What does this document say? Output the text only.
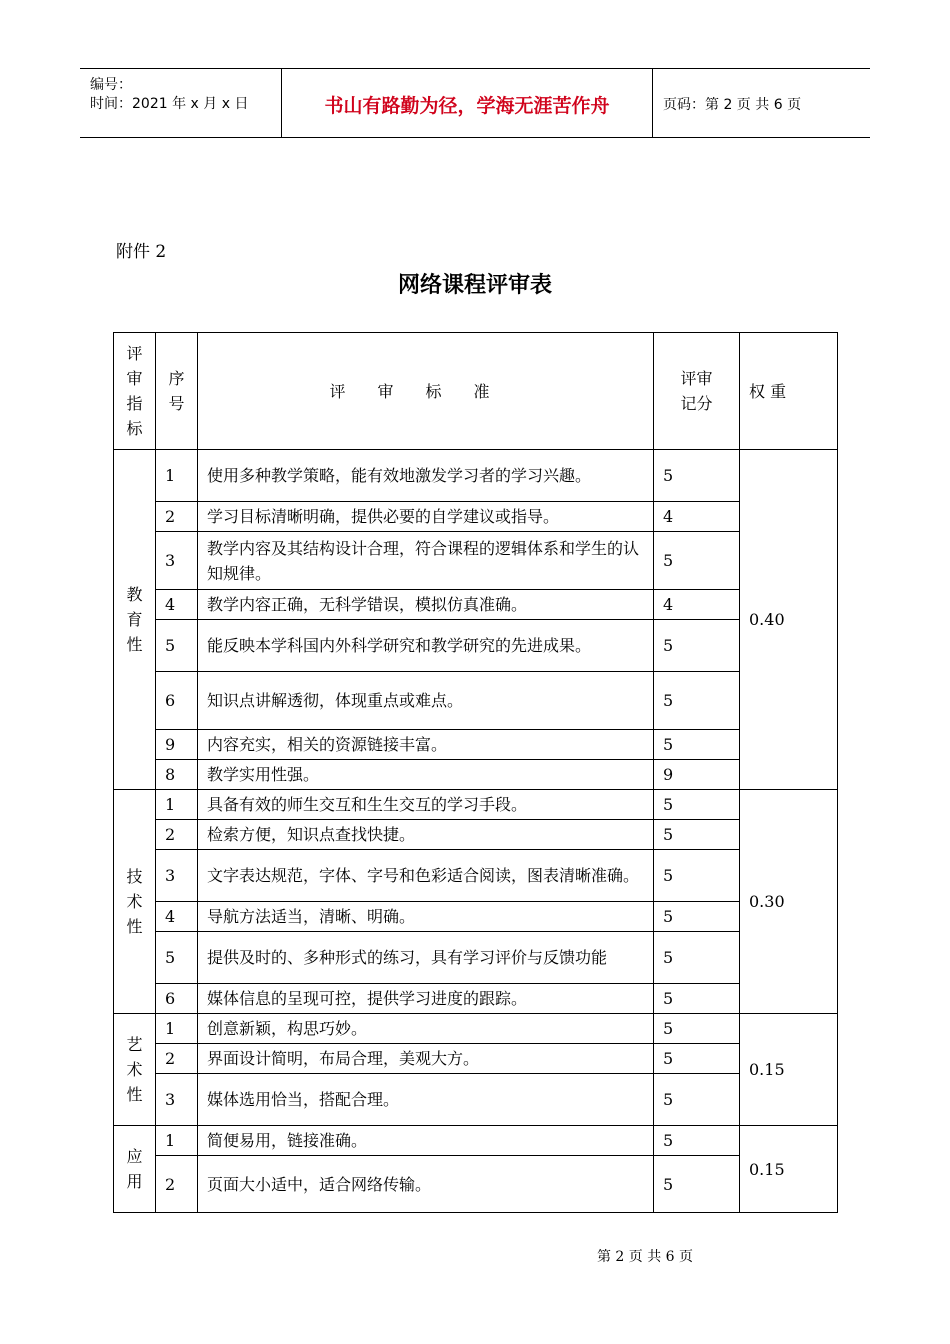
编号：
时间：2021 年 x 月 x 日	书山有路勤为径，学海无涯苦作舟	页码：第 2 页 共 6 页
附件 2
网络课程评审表
评审指标	序号	评审标准	评审记分	权 重
教育性	1	使用多种教学策略，能有效地激发学习者的学习兴趣。	5	0.40
	2	学习目标清晰明确，提供必要的自学建议或指导。	4	
	3	教学内容及其结构设计合理，符合课程的逻辑体系和学生的认知规律。	5	
	4	教学内容正确，无科学错误，模拟仿真准确。	4	
	5	能反映本学科国内外科学研究和教学研究的先进成果。	5	
	6	知识点讲解透彻，体现重点或难点。	5	
	9	内容充实，相关的资源链接丰富。	5	
	8	教学实用性强。	9	
技术性	1	具备有效的师生交互和生生交互的学习手段。	5	0.30
	2	检索方便，知识点查找快捷。	5	
	3	文字表达规范，字体、字号和色彩适合阅读，图表清晰准确。	5	
	4	导航方法适当，清晰、明确。	5	
	5	提供及时的、多种形式的练习，具有学习评价与反馈功能	5	
	6	媒体信息的呈现可控，提供学习进度的跟踪。	5	
艺术性	1	创意新颖，构思巧妙。	5	0.15
	2	界面设计简明，布局合理，美观大方。	5	
	3	媒体选用恰当，搭配合理。	5	
应用	1	简便易用，链接准确。	5	0.15
	2	页面大小适中，适合网络传输。	5	
第 2 页 共 6 页
